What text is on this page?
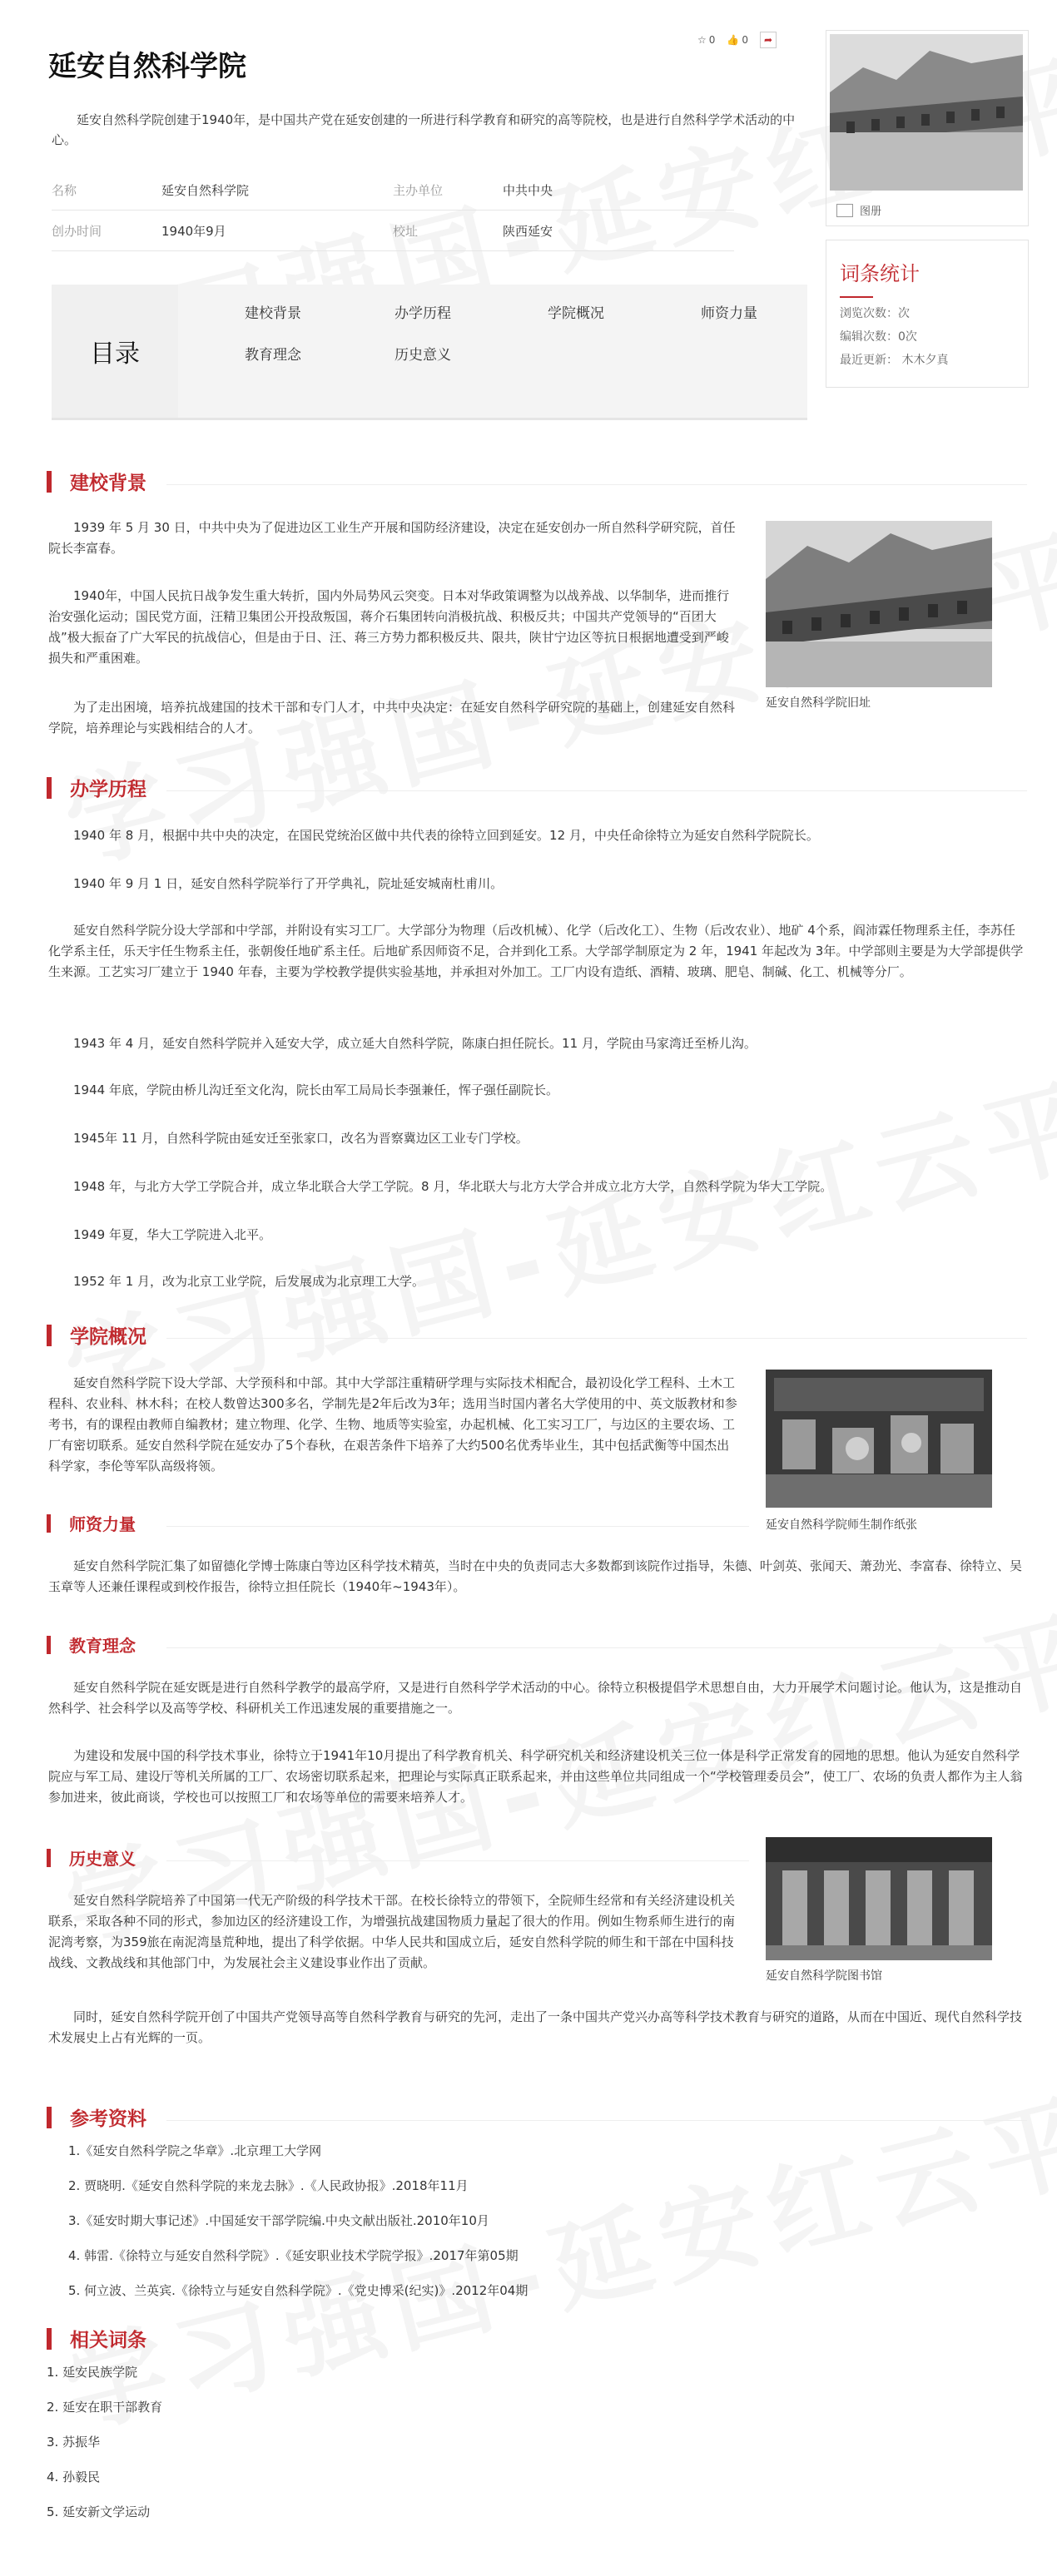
延安自然科学院
☆ 0 👍 0	➦

延安自然科学院创建于1940年，是中国共产党在延安创建的一所进行科学教育和研究的高等院校，也是进行自然科学学术活动的中心。

名称	延安自然科学院	主办单位	中共中央
创办时间	1940年9月	校址	陕西延安
图册
词条统计
浏览次数：次
编辑次数：0次
最近更新： 木木夕真
目录
建校背景	办学历程	学院概况	师资力量
教育理念	历史意义
建校背景

1939 年 5 月 30 日，中共中央为了促进边区工业生产开展和国防经济建设，决定在延安创办一所自然科学研究院，首任院长李富春。

1940年，中国人民抗日战争发生重大转折，国内外局势风云突变。日本对华政策调整为以战养战、以华制华，进而推行治安强化运动；国民党方面，汪精卫集团公开投敌叛国，蒋介石集团转向消极抗战、积极反共；中国共产党领导的“百团大战”极大振奋了广大军民的抗战信心，但是由于日、汪、蒋三方势力都积极反共、限共，陕甘宁边区等抗日根据地遭受到严峻损失和严重困难。

为了走出困境，培养抗战建国的技术干部和专门人才，中共中央决定：在延安自然科学研究院的基础上，创建延安自然科学院，培养理论与实践相结合的人才。

延安自然科学院旧址
办学历程

1940 年 8 月，根据中共中央的决定，在国民党统治区做中共代表的徐特立回到延安。12 月，中央任命徐特立为延安自然科学院院长。

1940 年 9 月 1 日，延安自然科学院举行了开学典礼，院址延安城南杜甫川。

延安自然科学院分设大学部和中学部，并附设有实习工厂。大学部分为物理（后改机械）、化学（后改化工）、生物（后改农业）、地矿 4个系，阎沛霖任物理系主任，李苏任化学系主任，乐天宇任生物系主任，张朝俊任地矿系主任。后地矿系因师资不足，合并到化工系。大学部学制原定为 2 年，1941 年起改为 3年。中学部则主要是为大学部提供学生来源。工艺实习厂建立于 1940 年春，主要为学校教学提供实验基地，并承担对外加工。工厂内设有造纸、酒精、玻璃、肥皂、制碱、化工、机械等分厂。

1943 年 4 月，延安自然科学院并入延安大学，成立延大自然科学院，陈康白担任院长。11 月，学院由马家湾迁至桥儿沟。

1944 年底，学院由桥儿沟迁至文化沟，院长由军工局局长李强兼任，恽子强任副院长。

1945年 11 月，自然科学院由延安迁至张家口，改名为晋察冀边区工业专门学校。

1948 年，与北方大学工学院合并，成立华北联合大学工学院。8 月，华北联大与北方大学合并成立北方大学，自然科学院为华大工学院。

1949 年夏，华大工学院进入北平。

1952 年 1 月，改为北京工业学院，后发展成为北京理工大学。

学院概况

延安自然科学院下设大学部、大学预科和中部。其中大学部注重精研学理与实际技术相配合，最初设化学工程科、土木工程科、农业科、林木科；在校人数曾达300多名，学制先是2年后改为3年；选用当时国内著名大学使用的中、英文版教材和参考书，有的课程由教师自编教材；建立物理、化学、生物、地质等实验室，办起机械、化工实习工厂，与边区的主要农场、工厂有密切联系。延安自然科学院在延安办了5个春秋，在艰苦条件下培养了大约500名优秀毕业生，其中包括武衡等中国杰出科学家，李伦等军队高级将领。

延安自然科学院师生制作纸张
师资力量

延安自然科学院汇集了如留德化学博士陈康白等边区科学技术精英，当时在中央的负责同志大多数都到该院作过指导，朱德、叶剑英、张闻天、萧劲光、李富春、徐特立、吴玉章等人还兼任课程或到校作报告，徐特立担任院长（1940年~1943年）。

教育理念

延安自然科学院在延安既是进行自然科学教学的最高学府，又是进行自然科学学术活动的中心。徐特立积极提倡学术思想自由，大力开展学术问题讨论。他认为，这是推动自然科学、社会科学以及高等学校、科研机关工作迅速发展的重要措施之一。

为建设和发展中国的科学技术事业，徐特立于1941年10月提出了科学教育机关、科学研究机关和经济建设机关三位一体是科学正常发育的园地的思想。他认为延安自然科学院应与军工局、建设厅等机关所属的工厂、农场密切联系起来，把理论与实际真正联系起来，并由这些单位共同组成一个“学校管理委员会”，使工厂、农场的负责人都作为主人翁参加进来，彼此商谈，学校也可以按照工厂和农场等单位的需要来培养人才。

历史意义

延安自然科学院培养了中国第一代无产阶级的科学技术干部。在校长徐特立的带领下，全院师生经常和有关经济建设机关联系，采取各种不同的形式，参加边区的经济建设工作，为增强抗战建国物质力量起了很大的作用。例如生物系师生进行的南泥湾考察，为359旅在南泥湾垦荒种地，提出了科学依据。中华人民共和国成立后，延安自然科学院的师生和干部在中国科技战线、文教战线和其他部门中，为发展社会主义建设事业作出了贡献。

同时，延安自然科学院开创了中国共产党领导高等自然科学教育与研究的先河，走出了一条中国共产党兴办高等科学技术教育与研究的道路，从而在中国近、现代自然科学技术发展史上占有光辉的一页。

延安自然科学院图书馆
参考资料
1.《延安自然科学院之华章》.北京理工大学网
2. 贾晓明.《延安自然科学院的来龙去脉》.《人民政协报》.2018年11月
3.《延安时期大事记述》.中国延安干部学院编.中央文献出版社.2010年10月
4. 韩雷.《徐特立与延安自然科学院》.《延安职业技术学院学报》.2017年第05期
5. 何立波、兰英宾.《徐特立与延安自然科学院》.《党史博采(纪实)》.2012年04期
相关词条
1. 延安民族学院
2. 延安在职干部教育
3. 苏振华
4. 孙毅民
5. 延安新文学运动
